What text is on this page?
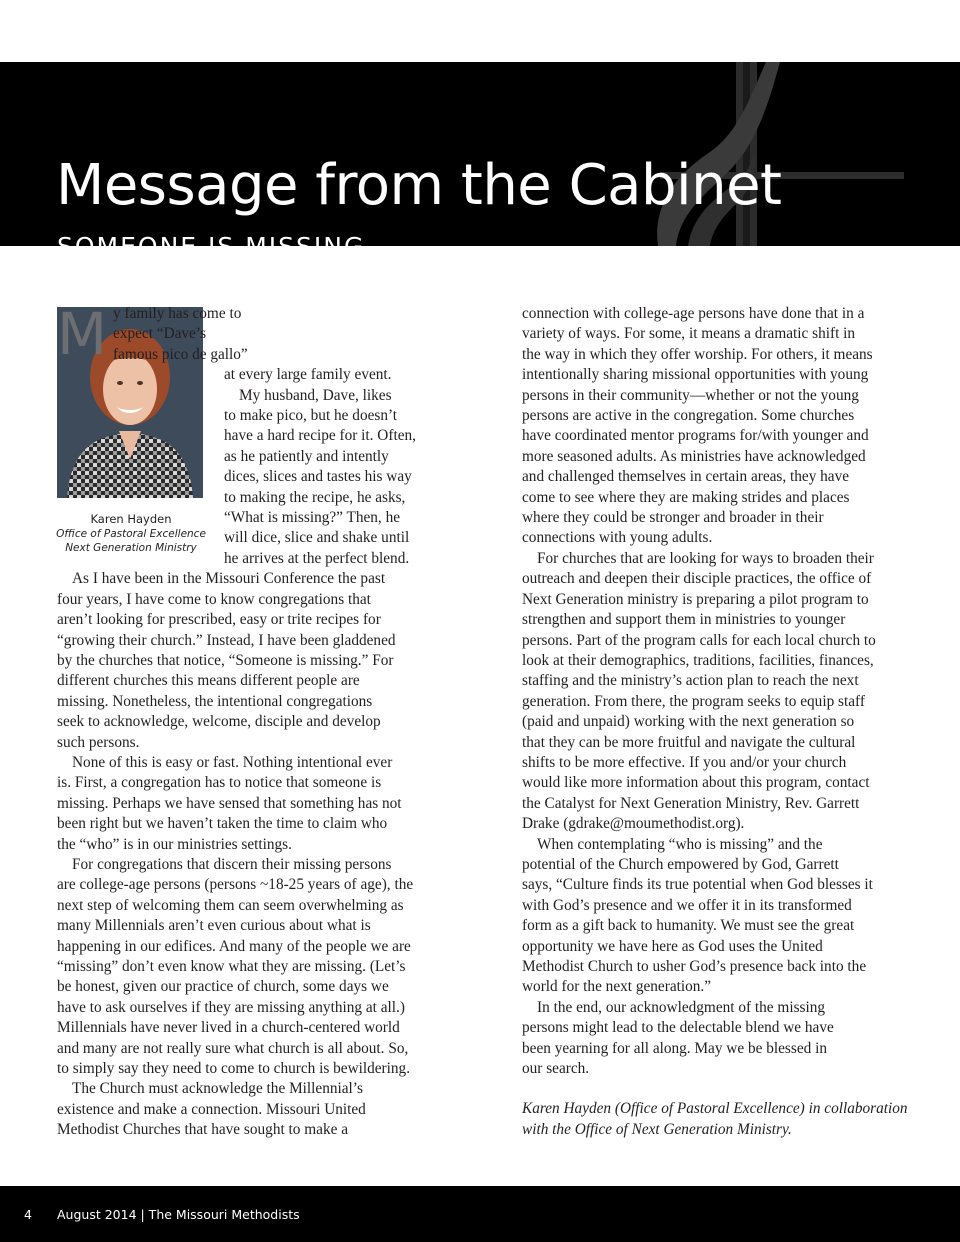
Message from the Cabinet
SOMEONE IS MISSING...
Karen Hayden
Office of Pastoral Excellence
Next Generation Ministry
M y family has come to
expect “Dave’s
famous pico de gallo”
at every large family event.
My husband, Dave, likes
to make pico, but he doesn’t
have a hard recipe for it. Often,
as he patiently and intently
dices, slices and tastes his way
to making the recipe, he asks,
“What is missing?” Then, he
will dice, slice and shake until
he arrives at the perfect blend.
As I have been in the Missouri Conference the past
four years, I have come to know congregations that
aren’t looking for prescribed, easy or trite recipes for
“growing their church.” Instead, I have been gladdened
by the churches that notice, “Someone is missing.” For
different churches this means different people are
missing. Nonetheless, the intentional congregations
seek to acknowledge, welcome, disciple and develop
such persons.
None of this is easy or fast. Nothing intentional ever
is. First, a congregation has to notice that someone is
missing. Perhaps we have sensed that something has not
been right but we haven’t taken the time to claim who
the “who” is in our ministries settings.
For congregations that discern their missing persons
are college-age persons (persons ~18-25 years of age), the
next step of welcoming them can seem overwhelming as
many Millennials aren’t even curious about what is
happening in our edifices. And many of the people we are
“missing” don’t even know what they are missing. (Let’s
be honest, given our practice of church, some days we
have to ask ourselves if they are missing anything at all.)
Millennials have never lived in a church-centered world
and many are not really sure what church is all about. So,
to simply say they need to come to church is bewildering.
The Church must acknowledge the Millennial’s
existence and make a connection. Missouri United
Methodist Churches that have sought to make a
connection with college-age persons have done that in a
variety of ways. For some, it means a dramatic shift in
the way in which they offer worship. For others, it means
intentionally sharing missional opportunities with young
persons in their community—whether or not the young
persons are active in the congregation. Some churches
have coordinated mentor programs for/with younger and
more seasoned adults. As ministries have acknowledged
and challenged themselves in certain areas, they have
come to see where they are making strides and places
where they could be stronger and broader in their
connections with young adults.
For churches that are looking for ways to broaden their
outreach and deepen their disciple practices, the office of
Next Generation ministry is preparing a pilot program to
strengthen and support them in ministries to younger
persons. Part of the program calls for each local church to
look at their demographics, traditions, facilities, finances,
staffing and the ministry’s action plan to reach the next
generation. From there, the program seeks to equip staff
(paid and unpaid) working with the next generation so
that they can be more fruitful and navigate the cultural
shifts to be more effective. If you and/or your church
would like more information about this program, contact
the Catalyst for Next Generation Ministry, Rev. Garrett
Drake (gdrake@moumethodist.org).
When contemplating “who is missing” and the
potential of the Church empowered by God, Garrett
says, “Culture finds its true potential when God blesses it
with God’s presence and we offer it in its transformed
form as a gift back to humanity. We must see the great
opportunity we have here as God uses the United
Methodist Church to usher God’s presence back into the
world for the next generation.”
In the end, our acknowledgment of the missing
persons might lead to the delectable blend we have
been yearning for all along. May we be blessed in
our search.

Karen Hayden (Office of Pastoral Excellence) in collaboration
with the Office of Next Generation Ministry.

4 August 2014 | The Missouri Methodists
